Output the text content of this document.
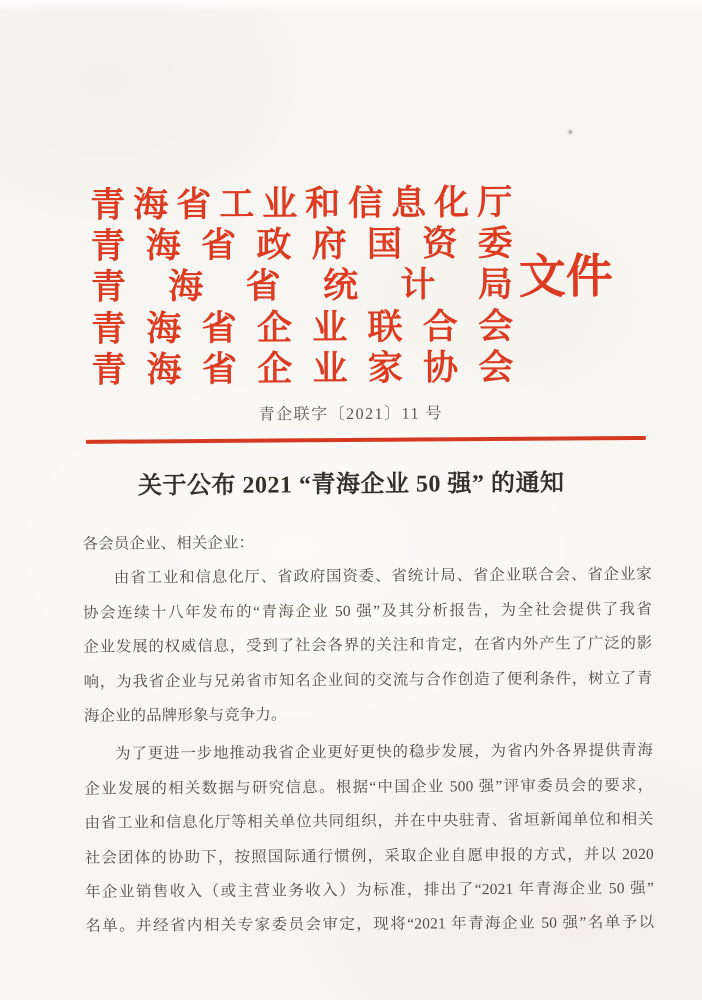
青 海 省 工 业 和 信 息 化 厅
青 海 省 政 府 国 资 委
青 海 省 统 计 局
青 海 省 企 业 联 合 会
青 海 省 企 业 家 协 会
文件
青企联字〔2021〕11 号
关于公布 2021 “青海企业 50 强” 的通知
各会员企业、相关企业：
由省工业和信息化厅、省政府国资委、省统计局、省企业联合会、省企业家
协会连续十八年发布的“青海企业 50 强”及其分析报告，为全社会提供了我省
企业发展的权威信息，受到了社会各界的关注和肯定，在省内外产生了广泛的影
响，为我省企业与兄弟省市知名企业间的交流与合作创造了便利条件，树立了青
海企业的品牌形象与竞争力。
为了更进一步地推动我省企业更好更快的稳步发展，为省内外各界提供青海
企业发展的相关数据与研究信息。根据“中国企业 500 强”评审委员会的要求，
由省工业和信息化厅等相关单位共同组织，并在中央驻青、省垣新闻单位和相关
社会团体的协助下，按照国际通行惯例，采取企业自愿申报的方式，并以 2020
年企业销售收入（或主营业务收入）为标准，排出了“2021 年青海企业 50 强”
名单。并经省内相关专家委员会审定，现将“2021 年青海企业 50 强”名单予以
